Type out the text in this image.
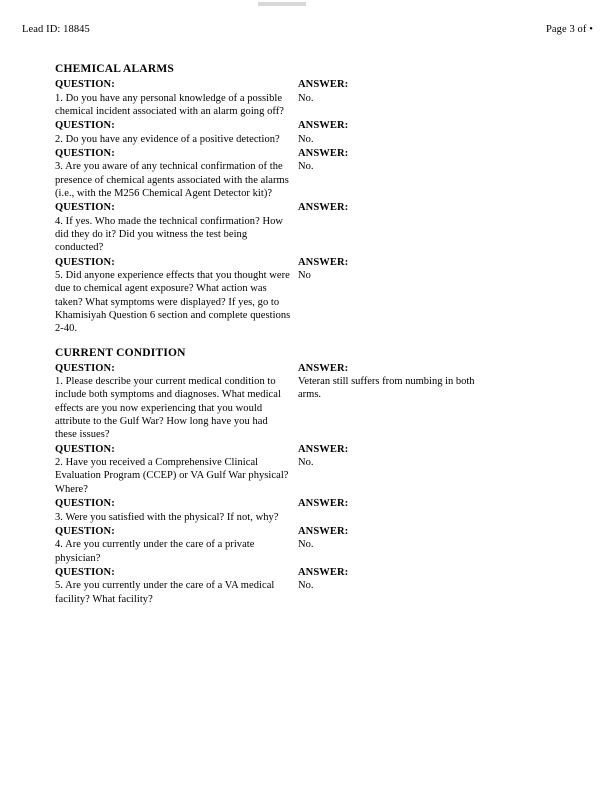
Lead ID: 18845	Page 3 of •
CHEMICAL ALARMS
QUESTION:	ANSWER:
1. Do you have any personal knowledge of a possible chemical incident associated with an alarm going off?
No.
QUESTION:	ANSWER:
2. Do you have any evidence of a positive detection?	No.
QUESTION:	ANSWER:
3. Are you aware of any technical confirmation of the presence of chemical agents associated with the alarms (i.e., with the M256 Chemical Agent Detector kit)?
No.
QUESTION:	ANSWER:
4. If yes. Who made the technical confirmation? How did they do it? Did you witness the test being conducted?
QUESTION:	ANSWER:
5. Did anyone experience effects that you thought were due to chemical agent exposure? What action was taken? What symptoms were displayed? If yes, go to Khamisiyah Question 6 section and complete questions 2-40.
No
CURRENT CONDITION
QUESTION:	ANSWER:
1. Please describe your current medical condition to include both symptoms and diagnoses. What medical effects are you now experiencing that you would attribute to the Gulf War? How long have you had these issues?
Veteran still suffers from numbing in both arms.
QUESTION:	ANSWER:
2. Have you received a Comprehensive Clinical Evaluation Program (CCEP) or VA Gulf War physical? Where?
No.
QUESTION:	ANSWER:
3. Were you satisfied with the physical? If not, why?
QUESTION:	ANSWER:
4. Are you currently under the care of a private physician?
No.
QUESTION:	ANSWER:
5. Are you currently under the care of a VA medical facility? What facility?
No.
